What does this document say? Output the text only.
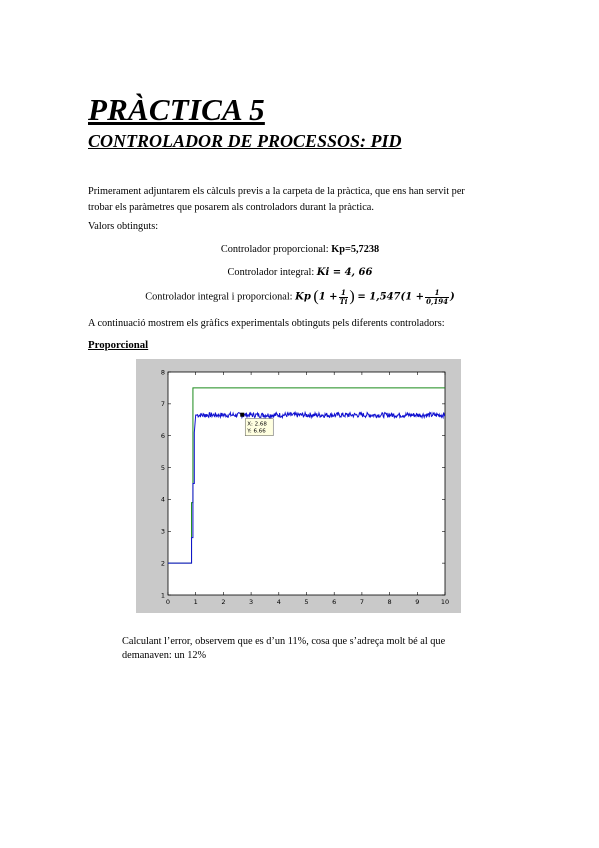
PRÀCTICA 5
CONTROLADOR DE PROCESSOS: PID
Primerament adjuntarem els càlculs previs a la carpeta de la pràctica, que ens han servit per
trobar els paràmetres que posarem als controladors durant la pràctica.
Valors obtinguts:
Controlador proporcional: Kp=5,7238
Controlador integral: Ki = 4, 66
Controlador integral i proporcional: Kp ($1 + \frac{1}{Ti}$ ) = $1,547(1 + \frac{1}{0,194}$ )
A continuació mostrem els gràfics experimentals obtinguts pels diferents controladors:
Proporcional
0	1	2	3	4	5	6	7	8	9	10
1
2
3
4
5
6
7
8
X: 2.68
Y: 6.66
Calculant l’error, observem que es d’un 11%, cosa que s’adreça molt bé al que
demanaven: un 12%
